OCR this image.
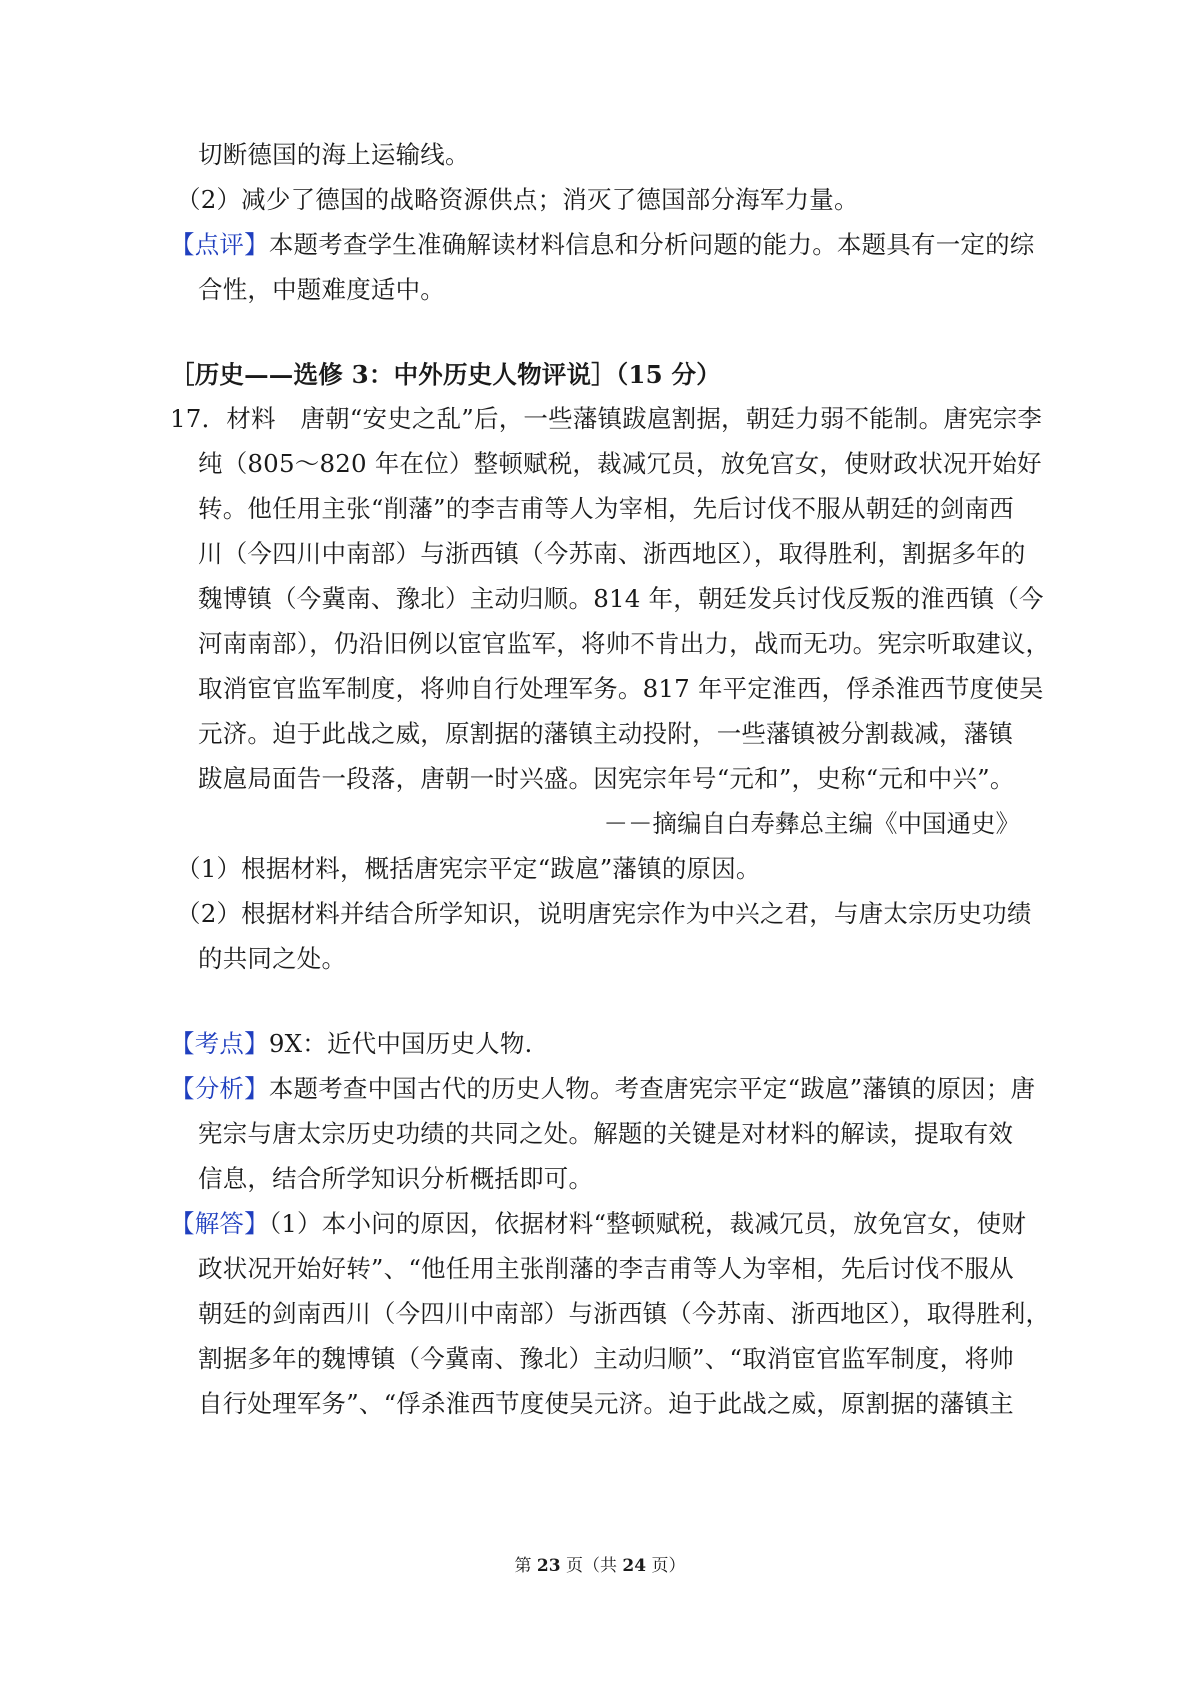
切断德国的海上运输线。
（2）减少了德国的战略资源供点；消灭了德国部分海军力量。
【点评】本题考查学生准确解读材料信息和分析问题的能力。本题具有一定的综
合性，中题难度适中。
［历史——选修 3：中外历史人物评说］（15 分）
17．材料　唐朝“安史之乱”后，一些藩镇跋扈割据，朝廷力弱不能制。唐宪宗李
纯（805～820 年在位）整顿赋税，裁减冗员，放免宫女，使财政状况开始好
转。他任用主张“削藩”的李吉甫等人为宰相，先后讨伐不服从朝廷的剑南西
川（今四川中南部）与浙西镇（今苏南、浙西地区），取得胜利，割据多年的
魏博镇（今冀南、豫北）主动归顺。814 年，朝廷发兵讨伐反叛的淮西镇（今
河南南部），仍沿旧例以宦官监军，将帅不肯出力，战而无功。宪宗听取建议，
取消宦官监军制度，将帅自行处理军务。817 年平定淮西，俘杀淮西节度使吴
元济。迫于此战之威，原割据的藩镇主动投附，一些藩镇被分割裁减，藩镇
跋扈局面告一段落，唐朝一时兴盛。因宪宗年号“元和”，史称“元和中兴”。
－－摘编自白寿彝总主编《中国通史》
（1）根据材料，概括唐宪宗平定“跋扈”藩镇的原因。
（2）根据材料并结合所学知识，说明唐宪宗作为中兴之君，与唐太宗历史功绩
的共同之处。
【考点】9X：近代中国历史人物.
【分析】本题考查中国古代的历史人物。考查唐宪宗平定“跋扈”藩镇的原因；唐
宪宗与唐太宗历史功绩的共同之处。解题的关键是对材料的解读，提取有效
信息，结合所学知识分析概括即可。
【解答】（1）本小问的原因，依据材料“整顿赋税，裁减冗员，放免宫女，使财
政状况开始好转”、“他任用主张削藩的李吉甫等人为宰相，先后讨伐不服从
朝廷的剑南西川（今四川中南部）与浙西镇（今苏南、浙西地区），取得胜利，
割据多年的魏博镇（今冀南、豫北）主动归顺”、“取消宦官监军制度，将帅
自行处理军务”、“俘杀淮西节度使吴元济。迫于此战之威，原割据的藩镇主
第 23 页（共 24 页）
